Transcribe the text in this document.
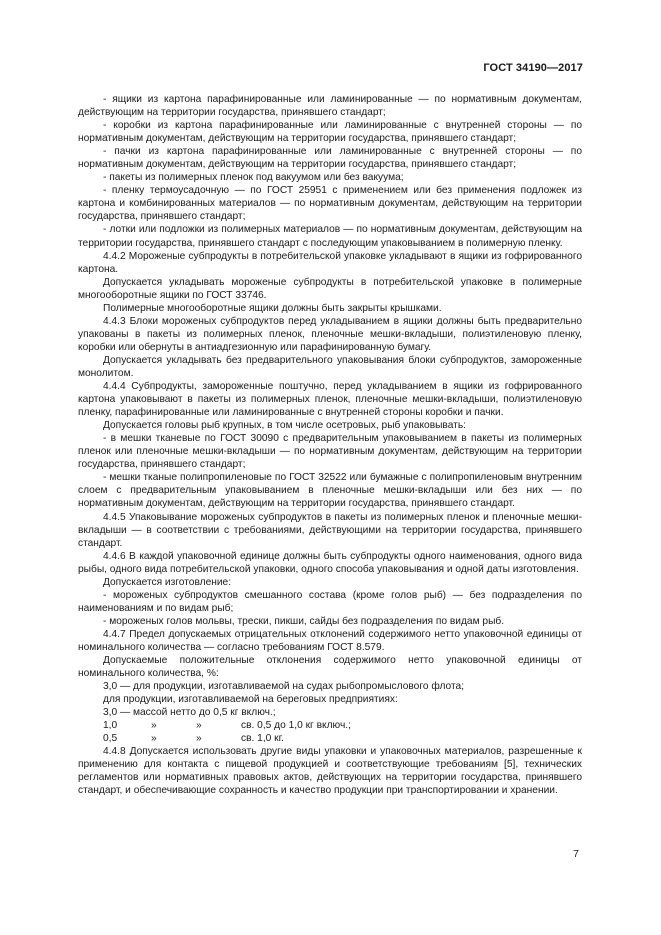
ГОСТ 34190—2017

- ящики из картона парафинированные или ламинированные — по нормативным документам, действующим на территории государства, принявшего стандарт;

- коробки из картона парафинированные или ламинированные с внутренней стороны — по нормативным документам, действующим на территории государства, принявшего стандарт;

- пачки из картона парафинированные или ламинированные с внутренней стороны — по нормативным документам, действующим на территории государства, принявшего стандарт;

- пакеты из полимерных пленок под вакуумом или без вакуума;

- пленку термоусадочную — по ГОСТ 25951 с применением или без применения подложек из картона и комбинированных материалов — по нормативным документам, действующим на территории государства, принявшего стандарт;

- лотки или подложки из полимерных материалов — по нормативным документам, действующим на территории государства, принявшего стандарт с последующим упаковыванием в полимерную пленку.

4.4.2 Мороженые субпродукты в потребительской упаковке укладывают в ящики из гофрированного картона.

Допускается укладывать мороженые субпродукты в потребительской упаковке в полимерные многооборотные ящики по ГОСТ 33746.

Полимерные многооборотные ящики должны быть закрыты крышками.

4.4.3 Блоки мороженых субпродуктов перед укладыванием в ящики должны быть предварительно упакованы в пакеты из полимерных пленок, пленочные мешки-вкладыши, полиэтиленовую пленку, коробки или обернуты в антиадгезионную или парафинированную бумагу.

Допускается укладывать без предварительного упаковывания блоки субпродуктов, замороженные монолитом.

4.4.4 Субпродукты, замороженные поштучно, перед укладыванием в ящики из гофрированного картона упаковывают в пакеты из полимерных пленок, пленочные мешки-вкладыши, полиэтиленовую пленку, парафинированные или ламинированные с внутренней стороны коробки и пачки.

Допускается головы рыб крупных, в том числе осетровых, рыб упаковывать:

- в мешки тканевые по ГОСТ 30090 с предварительным упаковыванием в пакеты из полимерных пленок или пленочные мешки-вкладыши — по нормативным документам, действующим на территории государства, принявшего стандарт;

- мешки тканые полипропиленовые по ГОСТ 32522 или бумажные с полипропиленовым внутренним слоем с предварительным упаковыванием в пленочные мешки-вкладыши или без них — по нормативным документам, действующим на территории государства, принявшего стандарт.

4.4.5 Упаковывание мороженых субпродуктов в пакеты из полимерных пленок и пленочные мешки-вкладыши — в соответствии с требованиями, действующими на территории государства, принявшего стандарт.

4.4.6 В каждой упаковочной единице должны быть субпродукты одного наименования, одного вида рыбы, одного вида потребительской упаковки, одного способа упаковывания и одной даты изготовления.

Допускается изготовление:

- мороженых субпродуктов смешанного состава (кроме голов рыб) — без подразделения по наименованиям и по видам рыб;

- мороженых голов мольвы, трески, пикши, сайды без подразделения по видам рыб.

4.4.7 Предел допускаемых отрицательных отклонений содержимого нетто упаковочной единицы от номинального количества — согласно требованиям ГОСТ 8.579.

Допускаемые положительные отклонения содержимого нетто упаковочной единицы от номинального количества, %:

3,0 — для продукции, изготавливаемой на судах рыбопромыслового флота;

для продукции, изготавливаемой на береговых предприятиях:

3,0 — массой нетто до 0,5 кг включ.;

1,0	»	»	св. 0,5 до 1,0 кг включ.;
0,5	»	»	св. 1,0 кг.

4.4.8 Допускается использовать другие виды упаковки и упаковочных материалов, разрешенные к применению для контакта с пищевой продукцией и соответствующие требованиям [5], технических регламентов или нормативных правовых актов, действующих на территории государства, принявшего стандарт, и обеспечивающие сохранность и качество продукции при транспортировании и хранении.

7
